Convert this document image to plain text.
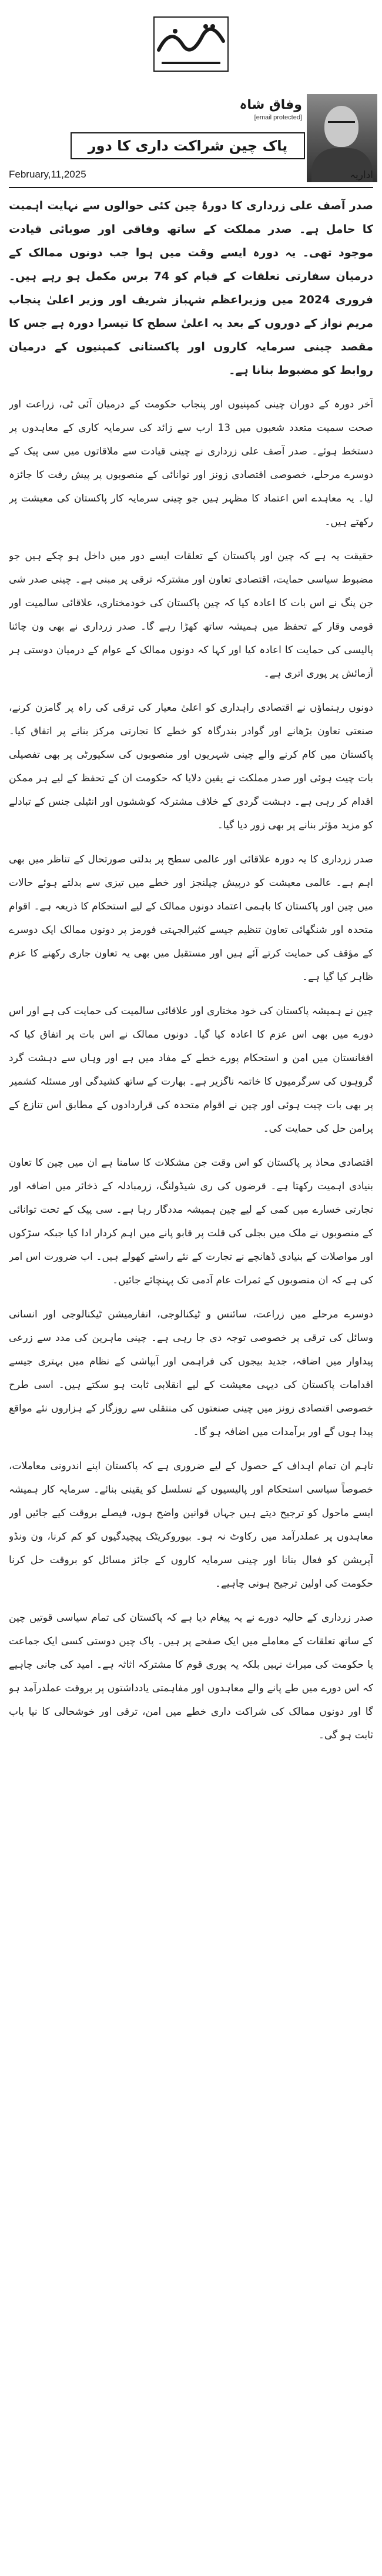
وفاق شاہ
[email protected]
پاک چین شراکت داری کا دور
February,11,2025	اداریہ

صدر آصف علی زرداری کا دورۂ چین کئی حوالوں سے نہایت اہمیت کا حامل ہے۔ صدر مملکت کے ساتھ وفاقی اور صوبائی قیادت موجود تھی۔ یہ دورہ ایسے وقت میں ہوا جب دونوں ممالک کے درمیان سفارتی تعلقات کے قیام کو 74 برس مکمل ہو رہے ہیں۔ فروری 2024 میں وزیراعظم شہباز شریف اور وزیر اعلیٰ پنجاب مریم نواز کے دوروں کے بعد یہ اعلیٰ سطح کا تیسرا دورہ ہے جس کا مقصد چینی سرمایہ کاروں اور پاکستانی کمپنیوں کے درمیان روابط کو مضبوط بنانا ہے۔

آخر دورہ کے دوران چینی کمپنیوں اور پنجاب حکومت کے درمیان آئی ٹی، زراعت اور صحت سمیت متعدد شعبوں میں 13 ارب سے زائد کی سرمایہ کاری کے معاہدوں پر دستخط ہوئے۔ صدر آصف علی زرداری نے چینی قیادت سے ملاقاتوں میں سی پیک کے دوسرے مرحلے، خصوصی اقتصادی زونز اور توانائی کے منصوبوں پر پیش رفت کا جائزہ لیا۔ یہ معاہدے اس اعتماد کا مظہر ہیں جو چینی سرمایہ کار پاکستان کی معیشت پر رکھتے ہیں۔

حقیقت یہ ہے کہ چین اور پاکستان کے تعلقات ایسے دور میں داخل ہو چکے ہیں جو مضبوط سیاسی حمایت، اقتصادی تعاون اور مشترکہ ترقی پر مبنی ہے۔ چینی صدر شی جن پنگ نے اس بات کا اعادہ کیا کہ چین پاکستان کی خودمختاری، علاقائی سالمیت اور قومی وقار کے تحفظ میں ہمیشہ ساتھ کھڑا رہے گا۔ صدر زرداری نے بھی ون چائنا پالیسی کی حمایت کا اعادہ کیا اور کہا کہ دونوں ممالک کے عوام کے درمیان دوستی ہر آزمائش پر پوری اتری ہے۔

دونوں رہنماؤں نے اقتصادی راہداری کو اعلیٰ معیار کی ترقی کی راہ پر گامزن کرنے، صنعتی تعاون بڑھانے اور گوادر بندرگاہ کو خطے کا تجارتی مرکز بنانے پر اتفاق کیا۔ پاکستان میں کام کرنے والے چینی شہریوں اور منصوبوں کی سکیورٹی پر بھی تفصیلی بات چیت ہوئی اور صدر مملکت نے یقین دلایا کہ حکومت ان کے تحفظ کے لیے ہر ممکن اقدام کر رہی ہے۔ دہشت گردی کے خلاف مشترکہ کوششوں اور انٹیلی جنس کے تبادلے کو مزید مؤثر بنانے پر بھی زور دیا گیا۔

صدر زرداری کا یہ دورہ علاقائی اور عالمی سطح پر بدلتی صورتحال کے تناظر میں بھی اہم ہے۔ عالمی معیشت کو درپیش چیلنجز اور خطے میں تیزی سے بدلتے ہوئے حالات میں چین اور پاکستان کا باہمی اعتماد دونوں ممالک کے لیے استحکام کا ذریعہ ہے۔ اقوام متحدہ اور شنگھائی تعاون تنظیم جیسے کثیرالجہتی فورمز پر دونوں ممالک ایک دوسرے کے مؤقف کی حمایت کرتے آئے ہیں اور مستقبل میں بھی یہ تعاون جاری رکھنے کا عزم ظاہر کیا گیا ہے۔

چین نے ہمیشہ پاکستان کی خود مختاری اور علاقائی سالمیت کی حمایت کی ہے اور اس دورے میں بھی اس عزم کا اعادہ کیا گیا۔ دونوں ممالک نے اس بات پر اتفاق کیا کہ افغانستان میں امن و استحکام پورے خطے کے مفاد میں ہے اور وہاں سے دہشت گرد گروہوں کی سرگرمیوں کا خاتمہ ناگزیر ہے۔ بھارت کے ساتھ کشیدگی اور مسئلہ کشمیر پر بھی بات چیت ہوئی اور چین نے اقوام متحدہ کی قراردادوں کے مطابق اس تنازع کے پرامن حل کی حمایت کی۔

اقتصادی محاذ پر پاکستان کو اس وقت جن مشکلات کا سامنا ہے ان میں چین کا تعاون بنیادی اہمیت رکھتا ہے۔ قرضوں کی ری شیڈولنگ، زرمبادلہ کے ذخائر میں اضافہ اور تجارتی خسارے میں کمی کے لیے چین ہمیشہ مددگار رہا ہے۔ سی پیک کے تحت توانائی کے منصوبوں نے ملک میں بجلی کی قلت پر قابو پانے میں اہم کردار ادا کیا جبکہ سڑکوں اور مواصلات کے بنیادی ڈھانچے نے تجارت کے نئے راستے کھولے ہیں۔ اب ضرورت اس امر کی ہے کہ ان منصوبوں کے ثمرات عام آدمی تک پہنچائے جائیں۔

دوسرے مرحلے میں زراعت، سائنس و ٹیکنالوجی، انفارمیشن ٹیکنالوجی اور انسانی وسائل کی ترقی پر خصوصی توجہ دی جا رہی ہے۔ چینی ماہرین کی مدد سے زرعی پیداوار میں اضافہ، جدید بیجوں کی فراہمی اور آبپاشی کے نظام میں بہتری جیسے اقدامات پاکستان کی دیہی معیشت کے لیے انقلابی ثابت ہو سکتے ہیں۔ اسی طرح خصوصی اقتصادی زونز میں چینی صنعتوں کی منتقلی سے روزگار کے ہزاروں نئے مواقع پیدا ہوں گے اور برآمدات میں اضافہ ہو گا۔

تاہم ان تمام اہداف کے حصول کے لیے ضروری ہے کہ پاکستان اپنے اندرونی معاملات، خصوصاً سیاسی استحکام اور پالیسیوں کے تسلسل کو یقینی بنائے۔ سرمایہ کار ہمیشہ ایسے ماحول کو ترجیح دیتے ہیں جہاں قوانین واضح ہوں، فیصلے بروقت کیے جائیں اور معاہدوں پر عملدرآمد میں رکاوٹ نہ ہو۔ بیوروکریٹک پیچیدگیوں کو کم کرنا، ون ونڈو آپریشن کو فعال بنانا اور چینی سرمایہ کاروں کے جائز مسائل کو بروقت حل کرنا حکومت کی اولین ترجیح ہونی چاہیے۔

صدر زرداری کے حالیہ دورے نے یہ پیغام دیا ہے کہ پاکستان کی تمام سیاسی قوتیں چین کے ساتھ تعلقات کے معاملے میں ایک صفحے پر ہیں۔ پاک چین دوستی کسی ایک جماعت یا حکومت کی میراث نہیں بلکہ یہ پوری قوم کا مشترکہ اثاثہ ہے۔ امید کی جانی چاہیے کہ اس دورے میں طے پانے والے معاہدوں اور مفاہمتی یادداشتوں پر بروقت عملدرآمد ہو گا اور دونوں ممالک کی شراکت داری خطے میں امن، ترقی اور خوشحالی کا نیا باب ثابت ہو گی۔
